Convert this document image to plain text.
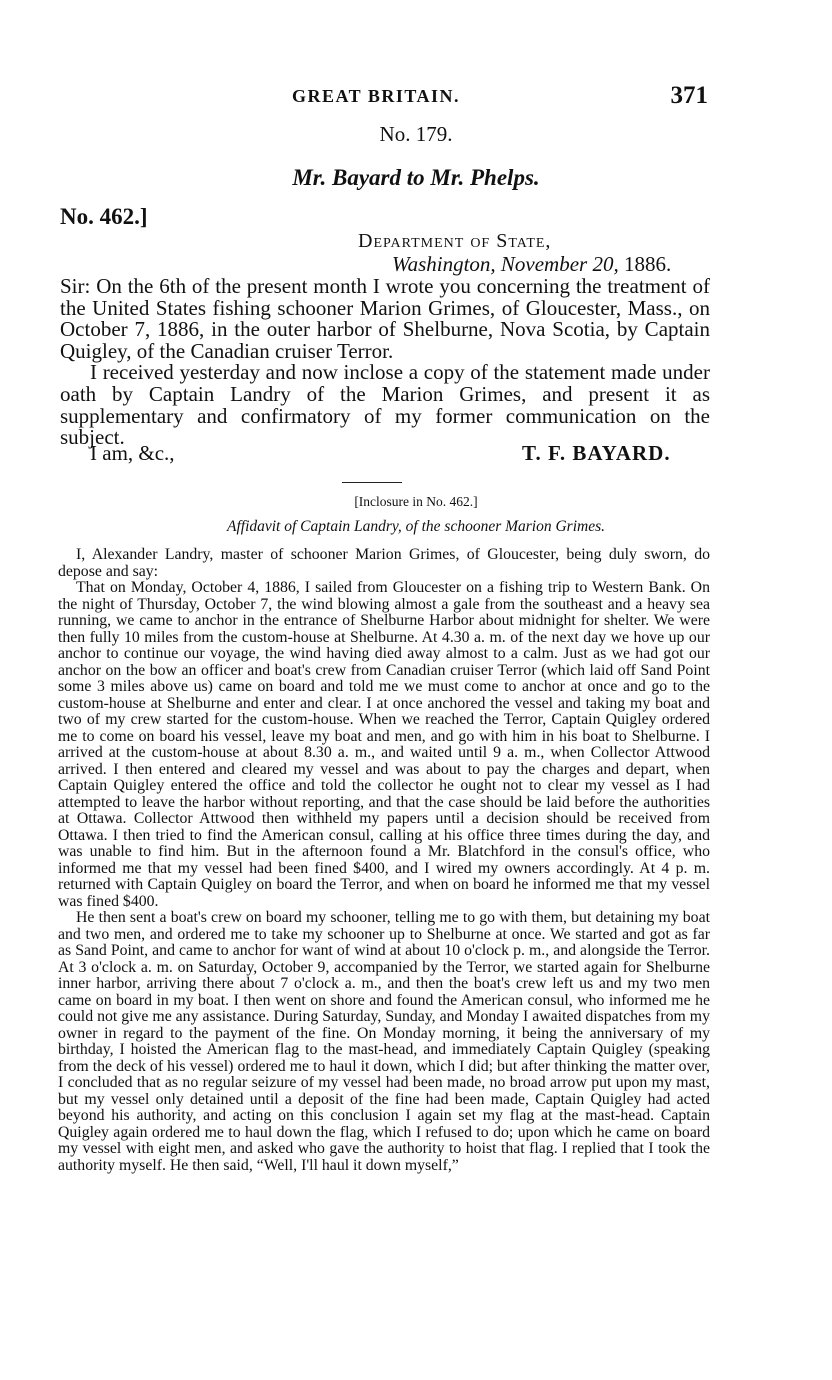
GREAT BRITAIN.	371
No. 179.
Mr. Bayard to Mr. Phelps.
No. 462.]
Department of State,
Washington, November 20, 1886.

Sir: On the 6th of the present month I wrote you concerning the treatment of the United States fishing schooner Marion Grimes, of Gloucester, Mass., on October 7, 1886, in the outer harbor of Shelburne, Nova Scotia, by Captain Quigley, of the Canadian cruiser Terror.

I received yesterday and now inclose a copy of the statement made under oath by Captain Landry of the Marion Grimes, and present it as supplementary and confirmatory of my former communication on the subject.

I am, &c.,	T. F. BAYARD.
[Inclosure in No. 462.]
Affidavit of Captain Landry, of the schooner Marion Grimes.

I, Alexander Landry, master of schooner Marion Grimes, of Gloucester, being duly sworn, do depose and say:

That on Monday, October 4, 1886, I sailed from Gloucester on a fishing trip to Western Bank. On the night of Thursday, October 7, the wind blowing almost a gale from the southeast and a heavy sea running, we came to anchor in the entrance of Shelburne Harbor about midnight for shelter. We were then fully 10 miles from the custom-house at Shelburne. At 4.30 a. m. of the next day we hove up our anchor to continue our voyage, the wind having died away almost to a calm. Just as we had got our anchor on the bow an officer and boat's crew from Canadian cruiser Terror (which laid off Sand Point some 3 miles above us) came on board and told me we must come to anchor at once and go to the custom-house at Shelburne and enter and clear. I at once anchored the vessel and taking my boat and two of my crew started for the custom-house. When we reached the Terror, Captain Quigley ordered me to come on board his vessel, leave my boat and men, and go with him in his boat to Shelburne. I arrived at the custom-house at about 8.30 a. m., and waited until 9 a. m., when Collector Attwood arrived. I then entered and cleared my vessel and was about to pay the charges and depart, when Captain Quigley entered the office and told the collector he ought not to clear my vessel as I had attempted to leave the harbor without reporting, and that the case should be laid before the authorities at Ottawa. Collector Attwood then withheld my papers until a decision should be received from Ottawa. I then tried to find the American consul, calling at his office three times during the day, and was unable to find him. But in the afternoon found a Mr. Blatchford in the consul's office, who informed me that my vessel had been fined $400, and I wired my owners accordingly. At 4 p. m. returned with Captain Quigley on board the Terror, and when on board he informed me that my vessel was fined $400.

He then sent a boat's crew on board my schooner, telling me to go with them, but detaining my boat and two men, and ordered me to take my schooner up to Shelburne at once. We started and got as far as Sand Point, and came to anchor for want of wind at about 10 o'clock p. m., and alongside the Terror. At 3 o'clock a. m. on Saturday, October 9, accompanied by the Terror, we started again for Shelburne inner harbor, arriving there about 7 o'clock a. m., and then the boat's crew left us and my two men came on board in my boat. I then went on shore and found the American consul, who informed me he could not give me any assistance. During Saturday, Sunday, and Monday I awaited dispatches from my owner in regard to the payment of the fine. On Monday morning, it being the anniversary of my birthday, I hoisted the American flag to the mast-head, and immediately Captain Quigley (speaking from the deck of his vessel) ordered me to haul it down, which I did; but after thinking the matter over, I concluded that as no regular seizure of my vessel had been made, no broad arrow put upon my mast, but my vessel only detained until a deposit of the fine had been made, Captain Quigley had acted beyond his authority, and acting on this conclusion I again set my flag at the mast-head. Captain Quigley again ordered me to haul down the flag, which I refused to do; upon which he came on board my vessel with eight men, and asked who gave the authority to hoist that flag. I replied that I took the authority myself. He then said, “Well, I'll haul it down myself,”
